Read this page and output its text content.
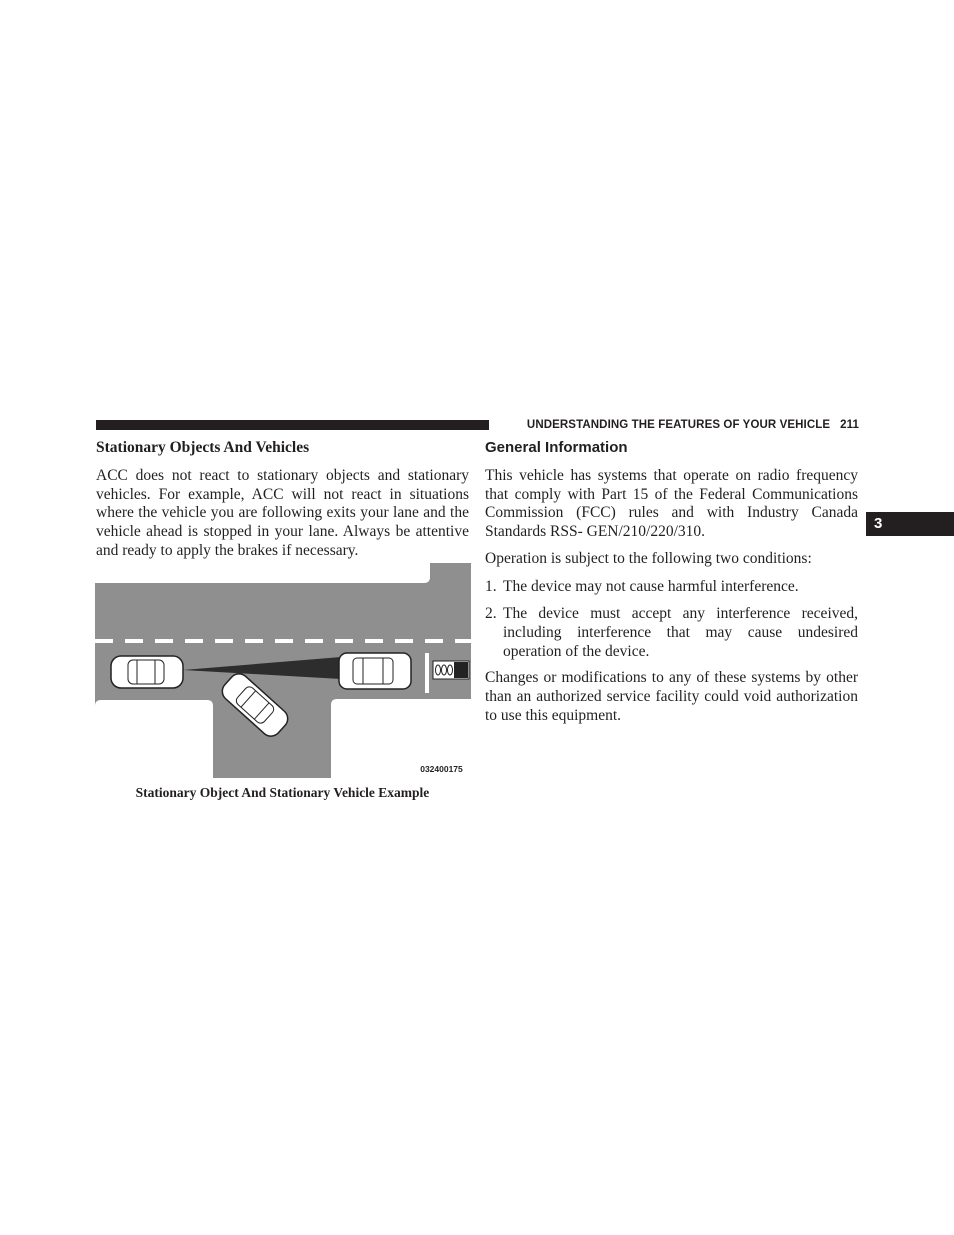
UNDERSTANDING THE FEATURES OF YOUR VEHICLE 211
3
Stationary Objects And Vehicles

ACC does not react to stationary objects and stationary vehicles. For example, ACC will not react in situations where the vehicle you are following exits your lane and the vehicle ahead is stopped in your lane. Always be attentive and ready to apply the brakes if necessary.

032400175
Stationary Object And Stationary Vehicle Example
General Information

This vehicle has systems that operate on radio frequency that comply with Part 15 of the Federal Communications Commission (FCC) rules and with Industry Canada Standards RSS- GEN/210/220/310.

Operation is subject to the following two conditions:

1. The device may not cause harmful interference.
2. The device must accept any interference received, including interference that may cause undesired operation of the device.

Changes or modifications to any of these systems by other than an authorized service facility could void authorization to use this equipment.
